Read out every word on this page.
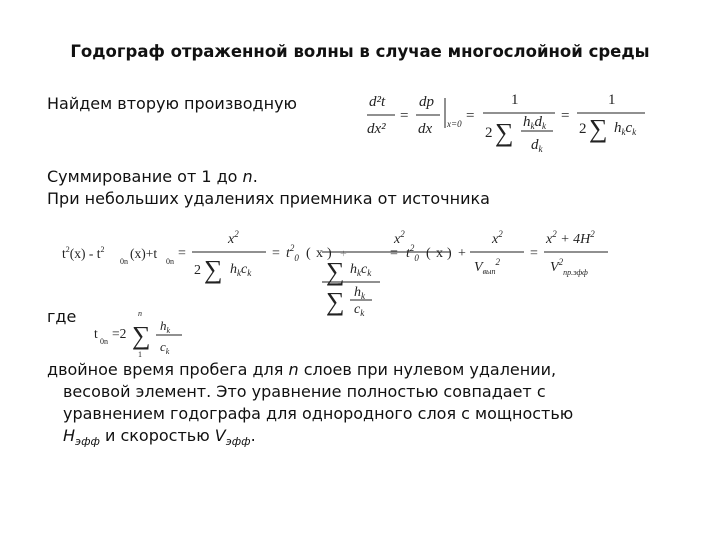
Годограф отраженной волны в случае многослойной среды
Найдем вторую производную
Суммирование от 1 до n.
При небольших удалениях приемника от источника
где
d²t
dx²
=
dp
dx x=0 =
1
2 ∑ $h_kd_k$
$d_k$
=
1
2 ∑ $h_kc_k$
$t^2(x) - t^2$
0n
(x)+t
0n
=
$x^2$
2 ∑ $h_kc_k$
= $t^2_0$ ( x ) +
$x^2$
∑ $h_kc_k$
∑ $h_k$
$c_k$
= $t^2_0$ ( x ) +
$x^2$
$V_{вып}^2$
=
$x^2 + 4H^2$
$V^2_{пр.эфф}$
t
0n
=2
n
∑
1
$h_k$
$c_k$
двойное время пробега для n слоев при нулевом удалении,
весовой элемент. Это уравнение полностью совпадает с
уравнением годографа для однородного слоя с мощностью
$H_{эфф}$ и скоростью $V_{эфф}$.
